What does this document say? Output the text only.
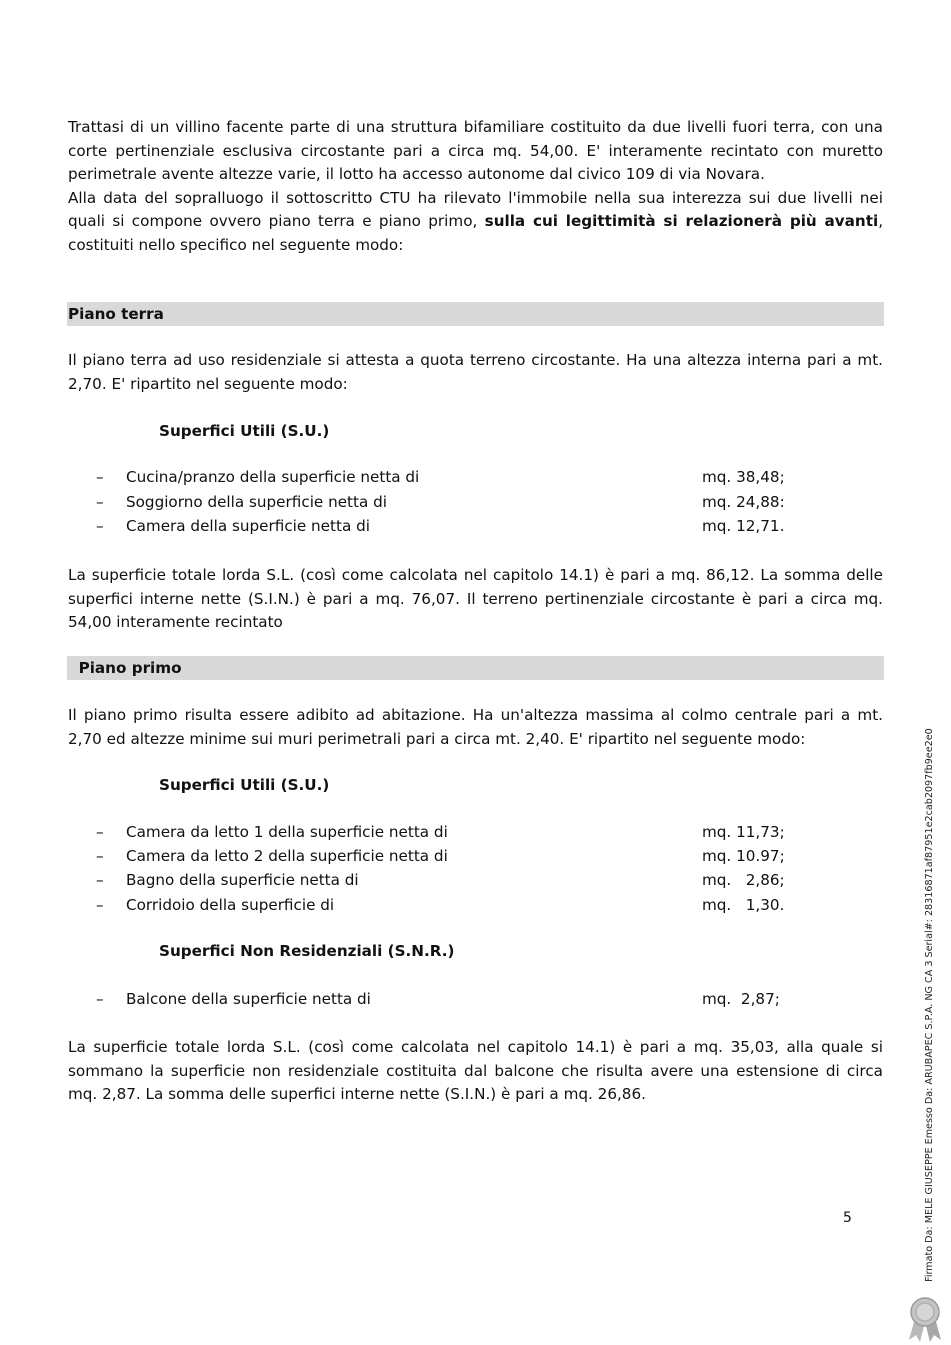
Trattasi di un villino facente parte di una struttura bifamiliare costituito da due livelli fuori terra, con una
corte pertinenziale esclusiva circostante pari a circa mq. 54,00. E' interamente recintato con muretto
perimetrale avente altezze varie, il lotto ha accesso autonome dal civico 109 di via Novara.
Alla data del sopralluogo il sottoscritto CTU ha rilevato l'immobile nella sua interezza sui due livelli nei
quali si compone ovvero piano terra e piano primo, sulla cui legittimità si relazionerà più avanti,
costituiti nello specifico nel seguente modo:
Piano terra
Il piano terra ad uso residenziale si attesta a quota terreno circostante. Ha una altezza interna pari a mt.
2,70. E' ripartito nel seguente modo:
Superfici Utili (S.U.)
– Cucina/pranzo della superficie netta di	mq. 38,48;
– Soggiorno della superficie netta di	mq. 24,88:
– Camera della superficie netta di	mq. 12,71.
La superficie totale lorda S.L. (così come calcolata nel capitolo 14.1) è pari a mq. 86,12. La somma delle
superfici interne nette (S.I.N.) è pari a mq. 76,07. Il terreno pertinenziale circostante è pari a circa mq.
54,00 interamente recintato
Piano primo
Il piano primo risulta essere adibito ad abitazione. Ha un'altezza massima al colmo centrale pari a mt.
2,70 ed altezze minime sui muri perimetrali pari a circa mt. 2,40. E' ripartito nel seguente modo:
Superfici Utili (S.U.)
– Camera da letto 1 della superficie netta di	mq. 11,73;
– Camera da letto 2 della superficie netta di	mq. 10.97;
– Bagno della superficie netta di	mq.   2,86;
– Corridoio della superficie di	mq.   1,30.
Superfici Non Residenziali (S.N.R.)
– Balcone della superficie netta di	mq.  2,87;
La superficie totale lorda S.L. (così come calcolata nel capitolo 14.1) è pari a mq. 35,03, alla quale si
sommano la superficie non residenziale costituita dal balcone che risulta avere una estensione di circa
mq. 2,87. La somma delle superfici interne nette (S.I.N.) è pari a mq. 26,86.
5	Firmato Da: MELE GIUSEPPE Emesso Da: ARUBAPEC S.P.A. NG CA 3 Serial#: 28316871af87951e2cab2097fb9ee2e0
